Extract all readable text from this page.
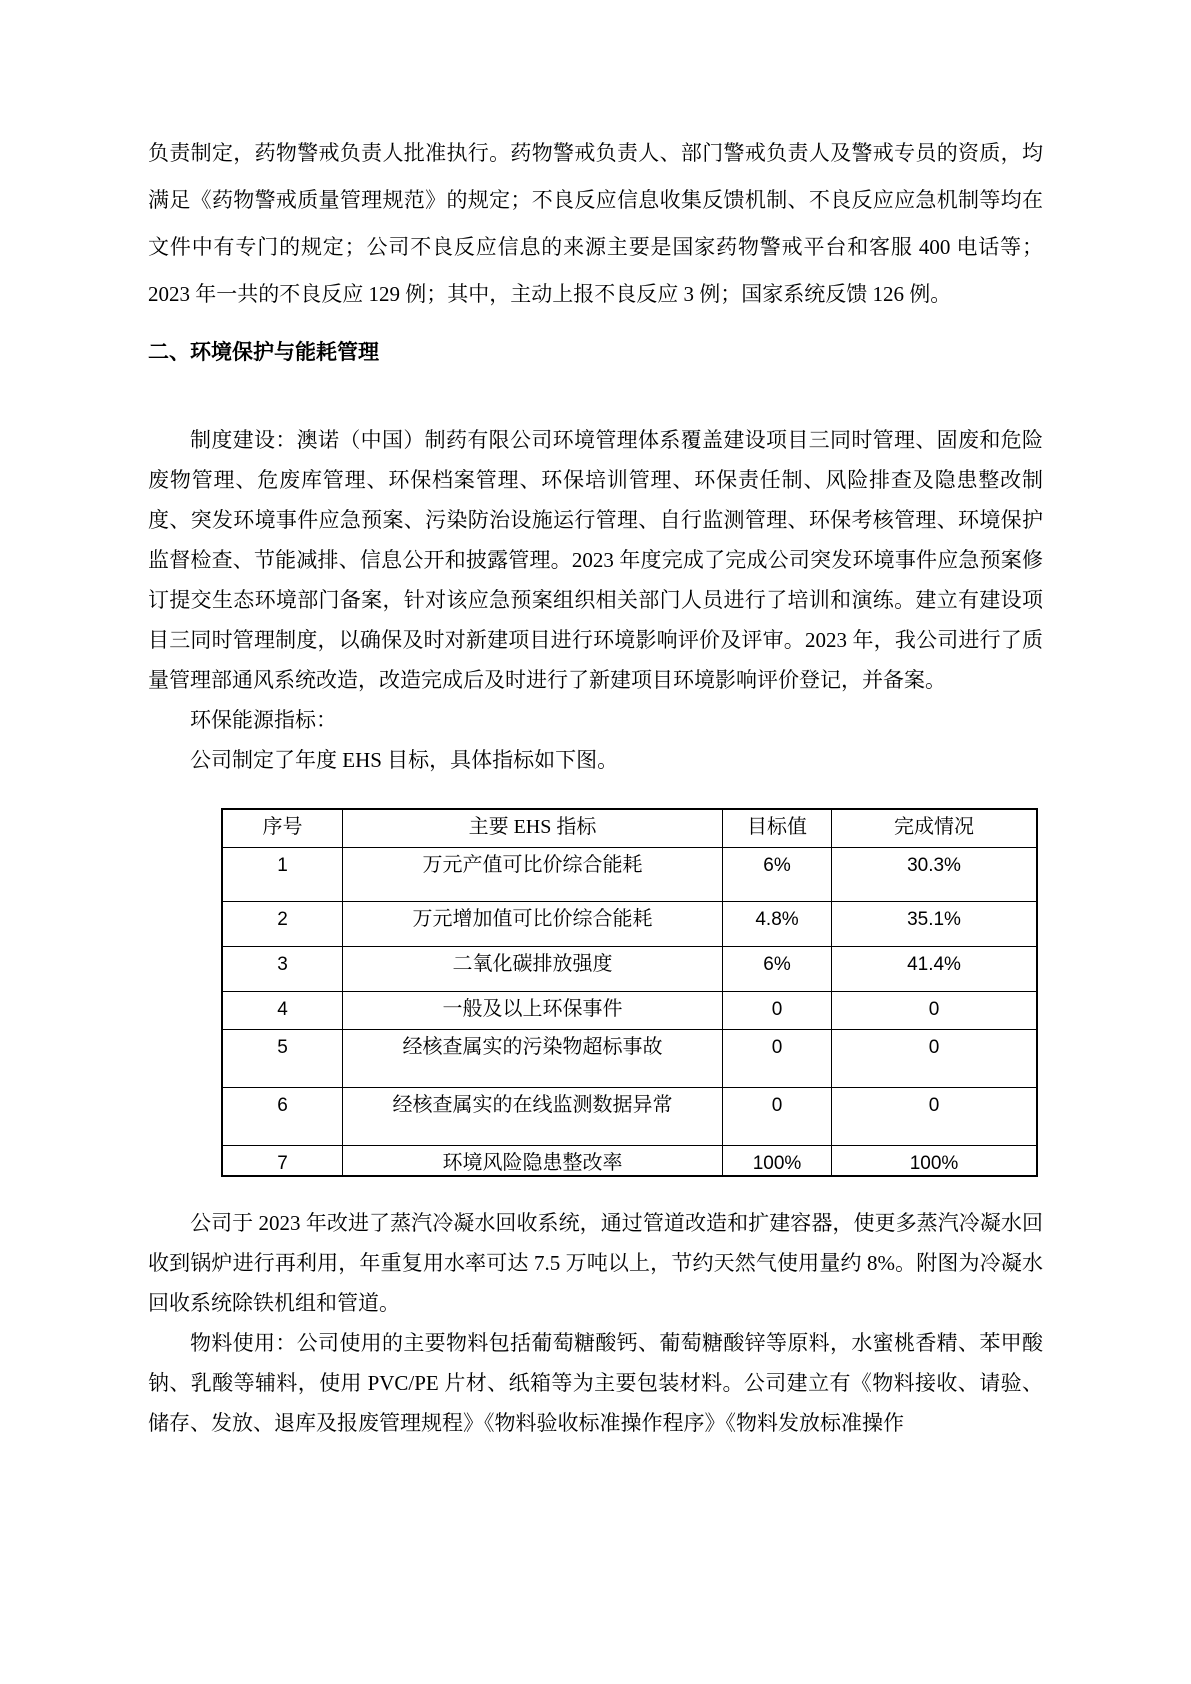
负责制定，药物警戒负责人批准执行。药物警戒负责人、部门警戒负责人及警戒专员的资质，均满足《药物警戒质量管理规范》的规定；不良反应信息收集反馈机制、不良反应应急机制等均在文件中有专门的规定；公司不良反应信息的来源主要是国家药物警戒平台和客服 400 电话等；2023 年一共的不良反应 129 例；其中，主动上报不良反应 3 例；国家系统反馈 126 例。

二、环境保护与能耗管理

制度建设：澳诺（中国）制药有限公司环境管理体系覆盖建设项目三同时管理、固废和危险废物管理、危废库管理、环保档案管理、环保培训管理、环保责任制、风险排查及隐患整改制度、突发环境事件应急预案、污染防治设施运行管理、自行监测管理、环保考核管理、环境保护监督检查、节能减排、信息公开和披露管理。2023 年度完成了完成公司突发环境事件应急预案修订提交生态环境部门备案，针对该应急预案组织相关部门人员进行了培训和演练。建立有建设项目三同时管理制度，以确保及时对新建项目进行环境影响评价及评审。2023 年，我公司进行了质量管理部通风系统改造，改造完成后及时进行了新建项目环境影响评价登记，并备案。

环保能源指标：

公司制定了年度 EHS 目标，具体指标如下图。

序号	主要 EHS 指标	目标值	完成情况
1	万元产值可比价综合能耗	6%	30.3%
2	万元增加值可比价综合能耗	4.8%	35.1%
3	二氧化碳排放强度	6%	41.4%
4	一般及以上环保事件	0	0
5	经核查属实的污染物超标事故	0	0
6	经核查属实的在线监测数据异常	0	0
7	环境风险隐患整改率	100%	100%

公司于 2023 年改进了蒸汽冷凝水回收系统，通过管道改造和扩建容器，使更多蒸汽冷凝水回收到锅炉进行再利用，年重复用水率可达 7.5 万吨以上，节约天然气使用量约 8%。附图为冷凝水回收系统除铁机组和管道。

物料使用：公司使用的主要物料包括葡萄糖酸钙、葡萄糖酸锌等原料，水蜜桃香精、苯甲酸钠、乳酸等辅料，使用 PVC/PE 片材、纸箱等为主要包装材料。公司建立有《物料接收、请验、储存、发放、退库及报废管理规程》《物料验收标准操作程序》《物料发放标准操作
